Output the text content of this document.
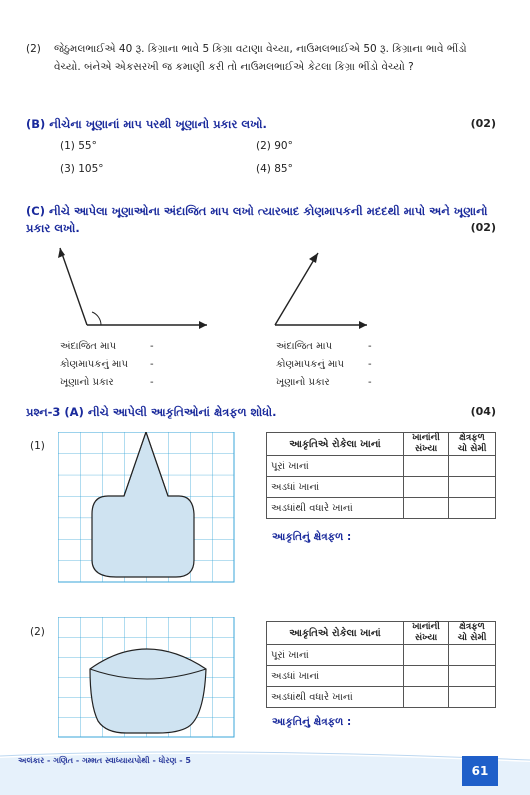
(2) જેઠુમલભાઈએ 40 રૂ. કિગ્રાના ભાવે 5 કિગ્રા વટાણા વેચ્યા, નાઉમલભાઈએ 50 રૂ. કિગ્રાના ભાવે ભીંડો વેચ્યો. બંનેએ એકસરખી જ કમાણી કરી તો નાઉમલભાઈએ કેટલા કિગ્રા ભીંડો વેચ્યો ?
(B) નીચેના ખૂણાનાં માપ પરથી ખૂણાનો પ્રકાર લખો.	(02)
(1) 55°	(2) 90°
(3) 105°	(4) 85°
(C) નીચે આપેલા ખૂણાઓના અંદાજિત માપ લખો ત્યારબાદ કોણમાપકની મદદથી માપો અને ખૂણાનો પ્રકાર લખો.	(02)
અંદાજિત માપ	-
કોણમાપકનું માપ -
ખૂણાનો પ્રકાર	-
અંદાજિત માપ	-
કોણમાપકનું માપ -
ખૂણાનો પ્રકાર	-
પ્રશ્ન-3 (A) નીચે આપેલી આકૃતિઓનાં ક્ષેત્રફળ શોધો.	(04)
(1)	આકૃતિએ રોકેલા ખાનાં	ખાનાંની સંખ્યા	ક્ષેત્રફળ ચો સેમી
પૂરાં ખાનાં		
અડધાં ખાનાં		
અડધાંથી વધારે ખાનાં		
આકૃતિનું ક્ષેત્રફળ :
(2)	આકૃતિએ રોકેલા ખાનાં	ખાનાંની સંખ્યા	ક્ષેત્રફળ ચો સેમી
પૂરાં ખાનાં		
અડધાં ખાનાં		
અડધાંથી વધારે ખાનાં		
આકૃતિનું ક્ષેત્રફળ :
અલંકાર - ગણિત - ગમ્મત સ્વાધ્યાયપોથી - ધોરણ - 5
61
